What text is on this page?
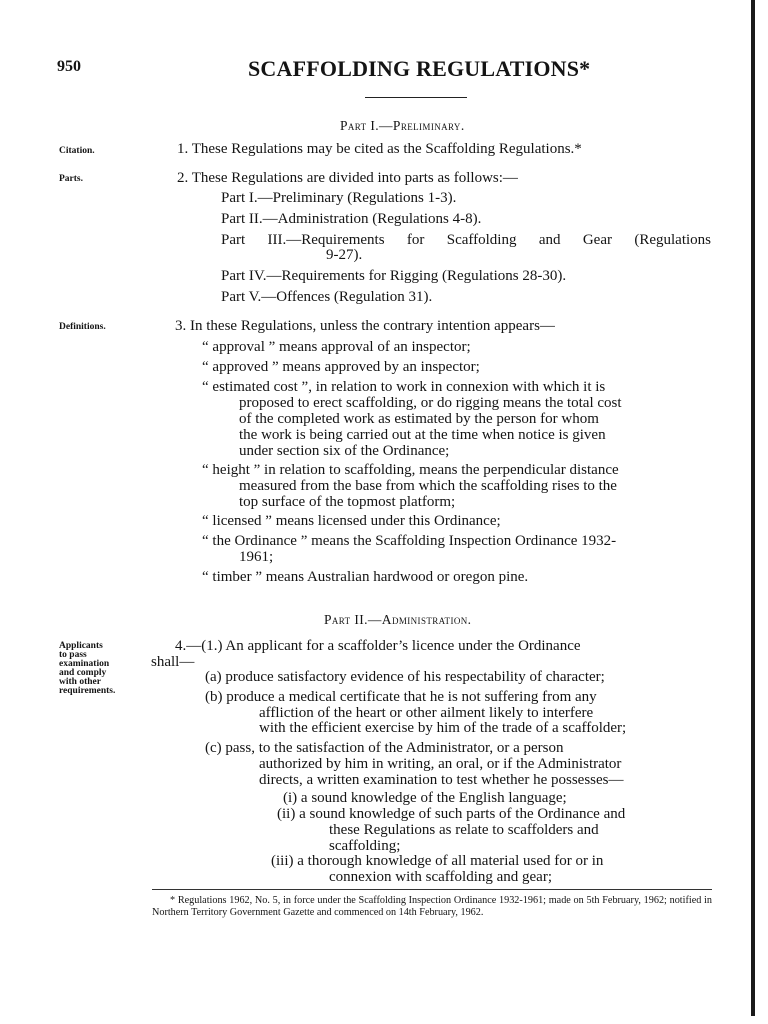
950	SCAFFOLDING REGULATIONS*
Part I.—Preliminary.
Citation.	1. These Regulations may be cited as the Scaffolding Regulations.*
Parts.	2. These Regulations are divided into parts as follows:—
Part I.—Preliminary (Regulations 1-3).
Part II.—Administration (Regulations 4-8).
Part III.—Requirements for Scaffolding and Gear (Regulations
9-27).
Part IV.—Requirements for Rigging (Regulations 28-30).
Part V.—Offences (Regulation 31).
Definitions.	3. In these Regulations, unless the contrary intention appears—
“ approval ” means approval of an inspector;
“ approved ” means approved by an inspector;
“ estimated cost ”, in relation to work in connexion with which it is
proposed to erect scaffolding, or do rigging means the total cost
of the completed work as estimated by the person for whom
the work is being carried out at the time when notice is given
under section six of the Ordinance;
“ height ” in relation to scaffolding, means the perpendicular distance
measured from the base from which the scaffolding rises to the
top surface of the topmost platform;
“ licensed ” means licensed under this Ordinance;
“ the Ordinance ” means the Scaffolding Inspection Ordinance 1932-
1961;
“ timber ” means Australian hardwood or oregon pine.
Part II.—Administration.
Applicants
to pass
examination
and comply
with other
requirements.
4.—(1.) An applicant for a scaffolder’s licence under the Ordinance
shall—
(a) produce satisfactory evidence of his respectability of character;
(b) produce a medical certificate that he is not suffering from any
affliction of the heart or other ailment likely to interfere
with the efficient exercise by him of the trade of a scaffolder;
(c) pass, to the satisfaction of the Administrator, or a person
authorized by him in writing, an oral, or if the Administrator
directs, a written examination to test whether he possesses—
(i) a sound knowledge of the English language;
(ii) a sound knowledge of such parts of the Ordinance and
these Regulations as relate to scaffolders and
scaffolding;
(iii) a thorough knowledge of all material used for or in
connexion with scaffolding and gear;
* Regulations 1962, No. 5, in force under the Scaffolding Inspection Ordinance 1932-1961; made on 5th February, 1962; notified in Northern Territory Government Gazette and commenced on 14th February, 1962.
